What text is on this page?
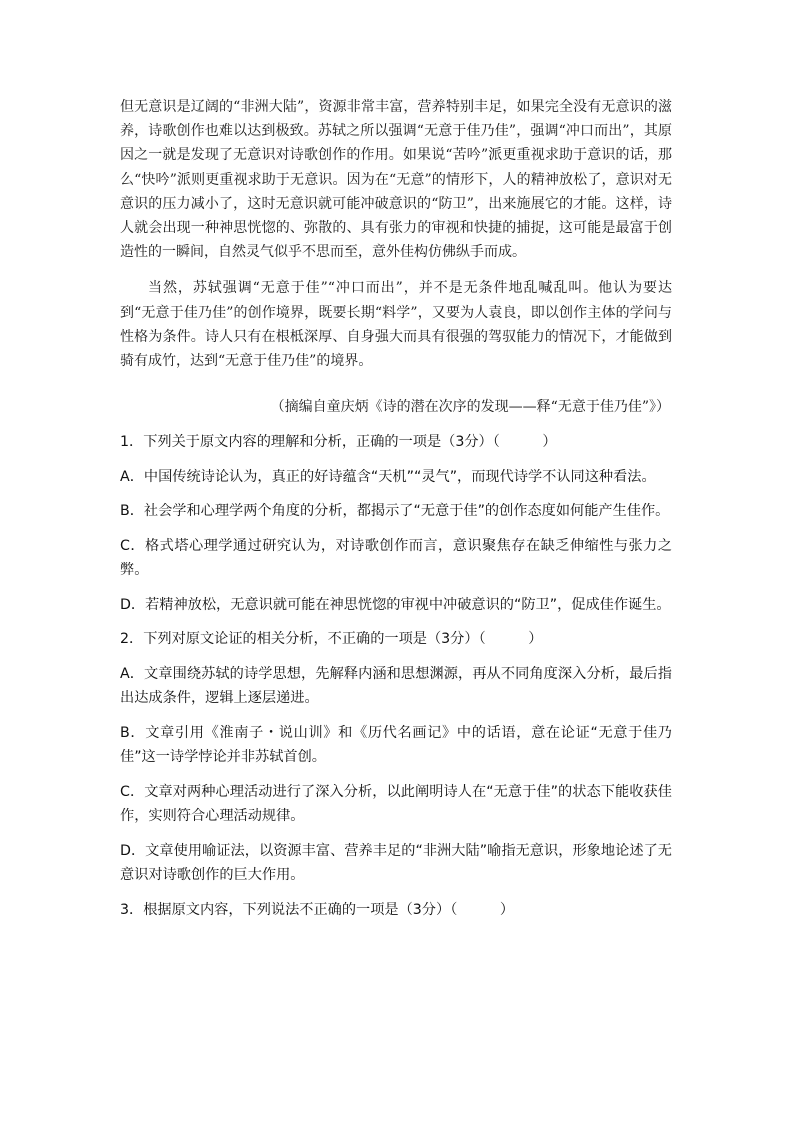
但无意识是辽阔的“非洲大陆”，资源非常丰富，营养特别丰足，如果完全没有无意识的滋养，诗歌创作也难以达到极致。苏轼之所以强调“无意于佳乃佳”，强调“冲口而出”，其原因之一就是发现了无意识对诗歌创作的作用。如果说“苦吟”派更重视求助于意识的话，那么“快吟”派则更重视求助于无意识。因为在“无意”的情形下，人的精神放松了，意识对无意识的压力减小了，这时无意识就可能冲破意识的“防卫”，出来施展它的才能。这样，诗人就会出现一种神思恍惚的、弥散的、具有张力的审视和快捷的捕捉，这可能是最富于创造性的一瞬间，自然灵气似乎不思而至，意外佳构仿佛纵手而成。

当然，苏轼强调“无意于佳”“冲口而出”，并不是无条件地乱喊乱叫。他认为要达到“无意于佳乃佳”的创作境界，既要长期“料学”，又要为人袁良，即以创作主体的学问与性格为条件。诗人只有在根柢深厚、自身强大而具有很强的驾驭能力的情况下，才能做到骑有成竹，达到“无意于佳乃佳”的境界。

（摘编自童庆炳《诗的潜在次序的发现——释“无意于佳乃佳”》）

1．下列关于原文内容的理解和分析，正确的一项是（3分）（　　　）

A．中国传统诗论认为，真正的好诗蕴含“天机”“灵气”，而现代诗学不认同这种看法。

B．社会学和心理学两个角度的分析，都揭示了“无意于佳”的创作态度如何能产生佳作。

C．格式塔心理学通过研究认为，对诗歌创作而言，意识聚焦存在缺乏伸缩性与张力之弊。

D．若精神放松，无意识就可能在神思恍惚的审视中冲破意识的“防卫”，促成佳作诞生。

2．下列对原文论证的相关分析，不正确的一项是（3分）（　　　）

A．文章围绕苏轼的诗学思想，先解释内涵和思想渊源，再从不同角度深入分析，最后指出达成条件，逻辑上逐层递进。

B．文章引用《淮南子・说山训》和《历代名画记》中的话语，意在论证“无意于佳乃佳”这一诗学悖论并非苏轼首创。

C．文章对两种心理活动进行了深入分析，以此阐明诗人在“无意于佳”的状态下能收获佳作，实则符合心理活动规律。

D．文章使用喻证法，以资源丰富、营养丰足的“非洲大陆”喻指无意识，形象地论述了无意识对诗歌创作的巨大作用。

3．根据原文内容，下列说法不正确的一项是（3分）（　　　）
